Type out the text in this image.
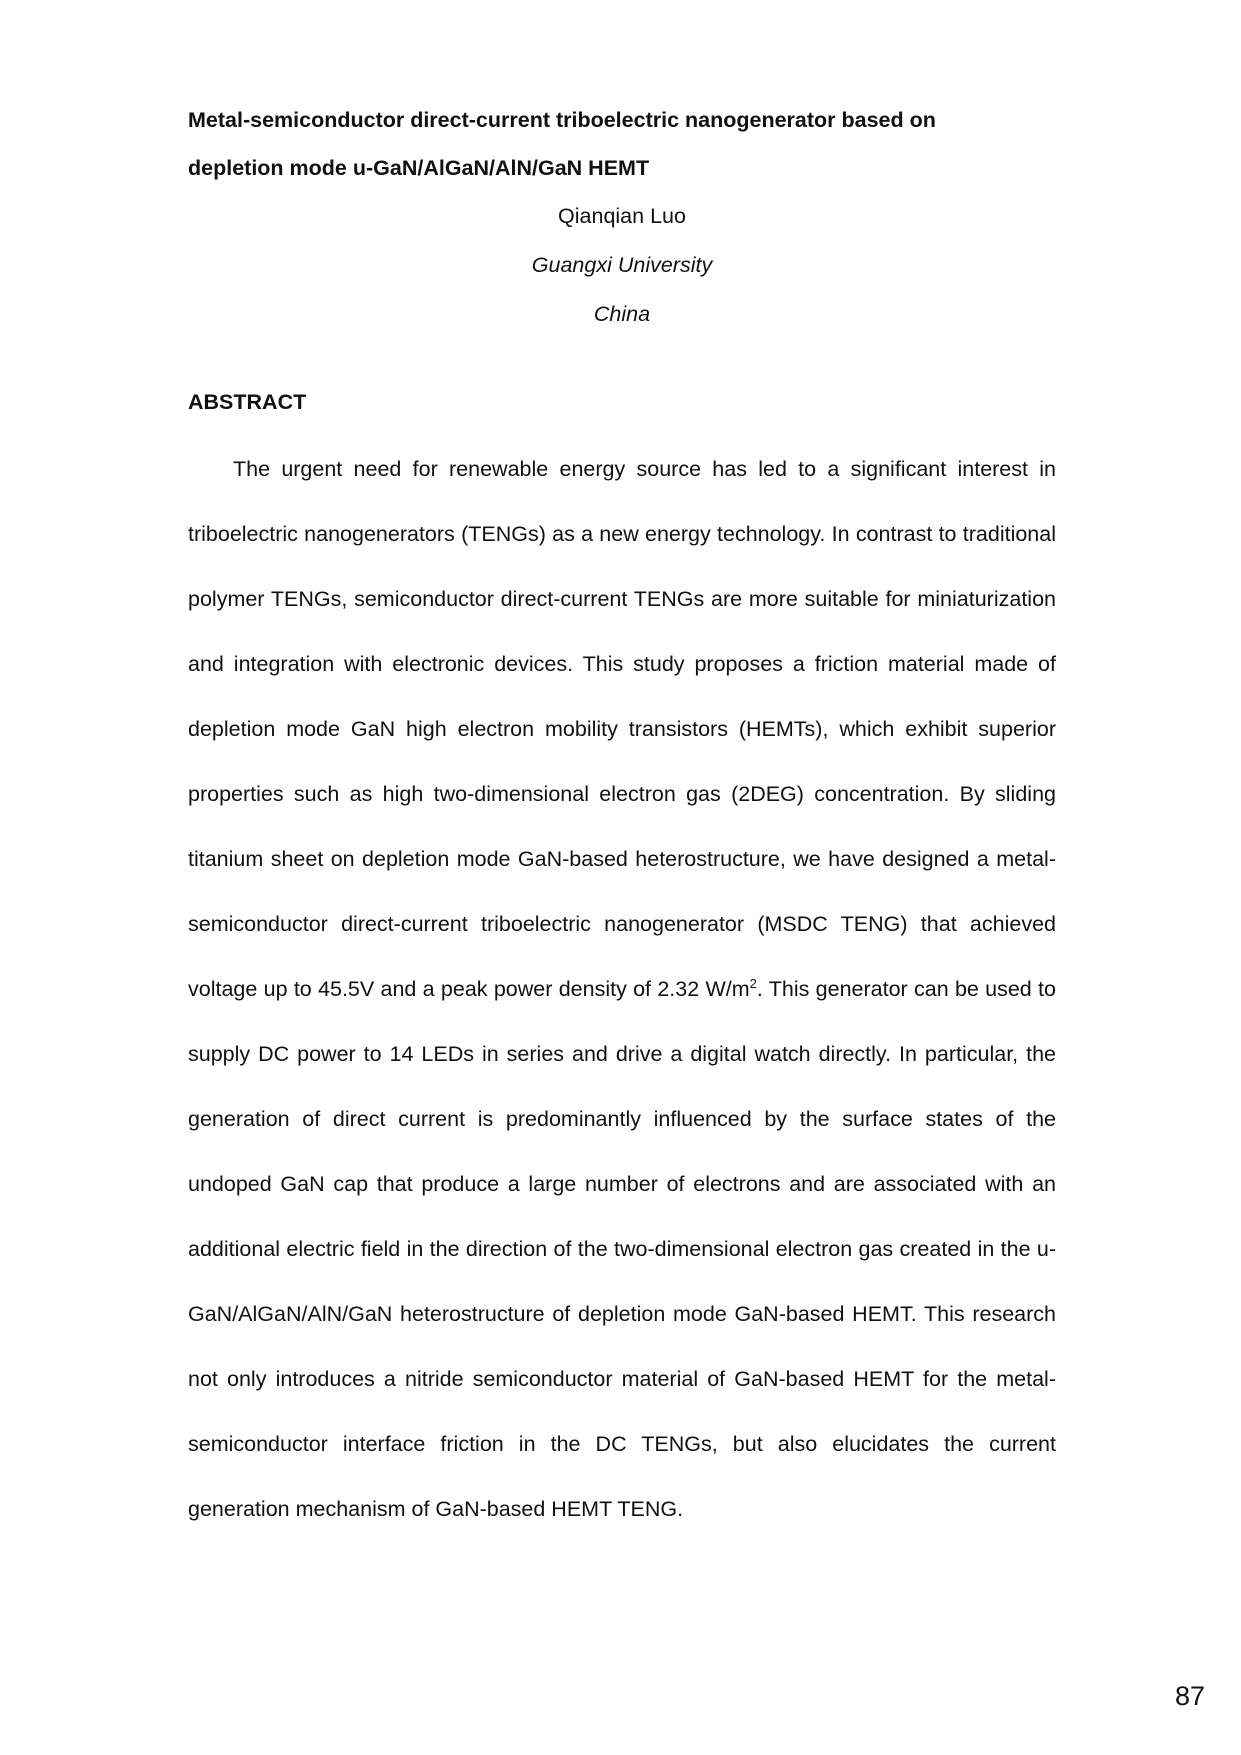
Metal-semiconductor direct-current triboelectric nanogenerator based on
depletion mode u-GaN/AlGaN/AlN/GaN HEMT
Qianqian Luo
Guangxi University
China
ABSTRACT

The urgent need for renewable energy source has led to a significant interest in triboelectric nanogenerators (TENGs) as a new energy technology. In contrast to traditional polymer TENGs, semiconductor direct-current TENGs are more suitable for miniaturization and integration with electronic devices. This study proposes a friction material made of depletion mode GaN high electron mobility transistors (HEMTs), which exhibit superior properties such as high two-dimensional electron gas (2DEG) concentration. By sliding titanium sheet on depletion mode GaN-based heterostructure, we have designed a metal-semiconductor direct-current triboelectric nanogenerator (MSDC TENG) that achieved voltage up to 45.5V and a peak power density of 2.32 $W/m^2$. This generator can be used to supply DC power to 14 LEDs in series and drive a digital watch directly. In particular, the generation of direct current is predominantly influenced by the surface states of the undoped GaN cap that produce a large number of electrons and are associated with an additional electric field in the direction of the two-dimensional electron gas created in the u-GaN/AlGaN/AlN/GaN heterostructure of depletion mode GaN-based HEMT. This research not only introduces a nitride semiconductor material of GaN-based HEMT for the metal-semiconductor interface friction in the DC TENGs, but also elucidates the current generation mechanism of GaN-based HEMT TENG.

87
